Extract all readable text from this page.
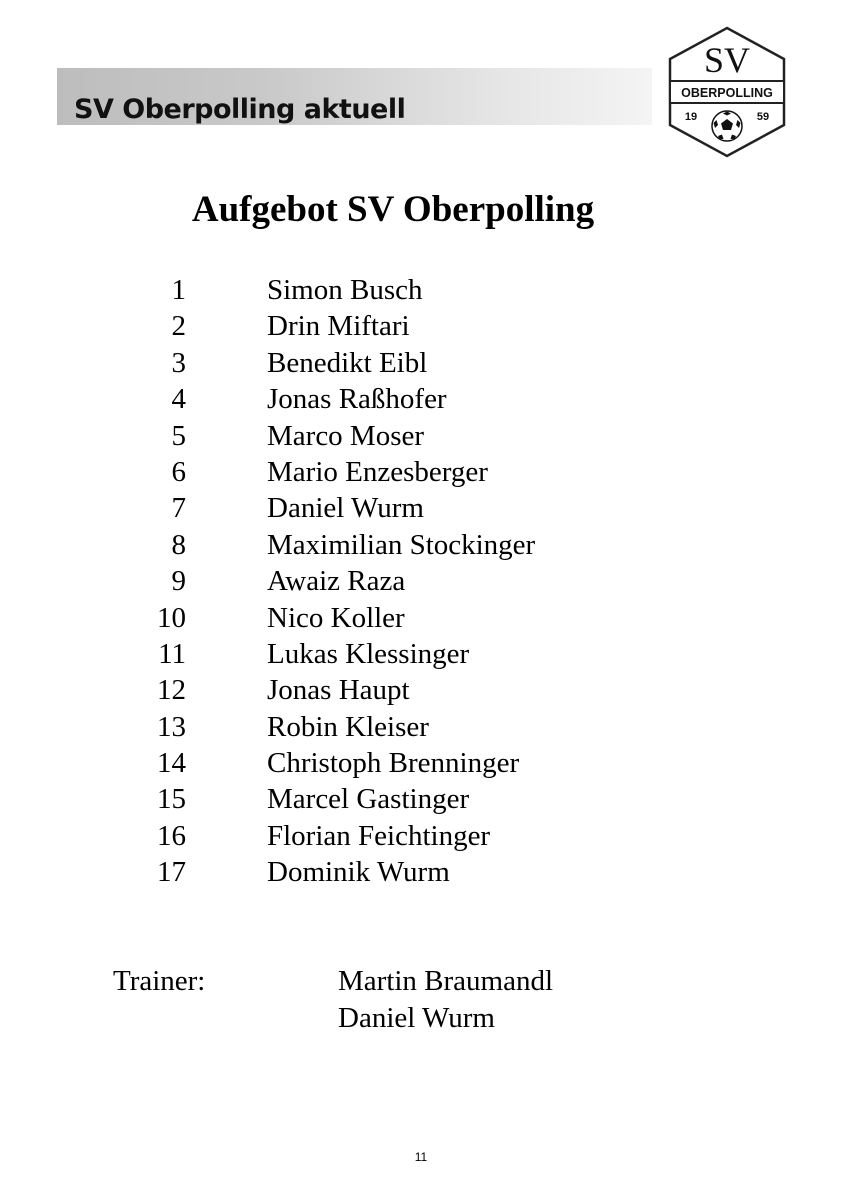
SV Oberpolling aktuell
SV
OBERPOLLING
19	59
Aufgebot SV Oberpolling
1	Simon Busch
2	Drin Miftari
3	Benedikt Eibl
4	Jonas Raßhofer
5	Marco Moser
6	Mario Enzesberger
7	Daniel Wurm
8	Maximilian Stockinger
9	Awaiz Raza
10	Nico Koller
11	Lukas Klessinger
12	Jonas Haupt
13	Robin Kleiser
14	Christoph Brenninger
15	Marcel Gastinger
16	Florian Feichtinger
17	Dominik Wurm
Trainer:	Martin Braumandl
Daniel Wurm
11
